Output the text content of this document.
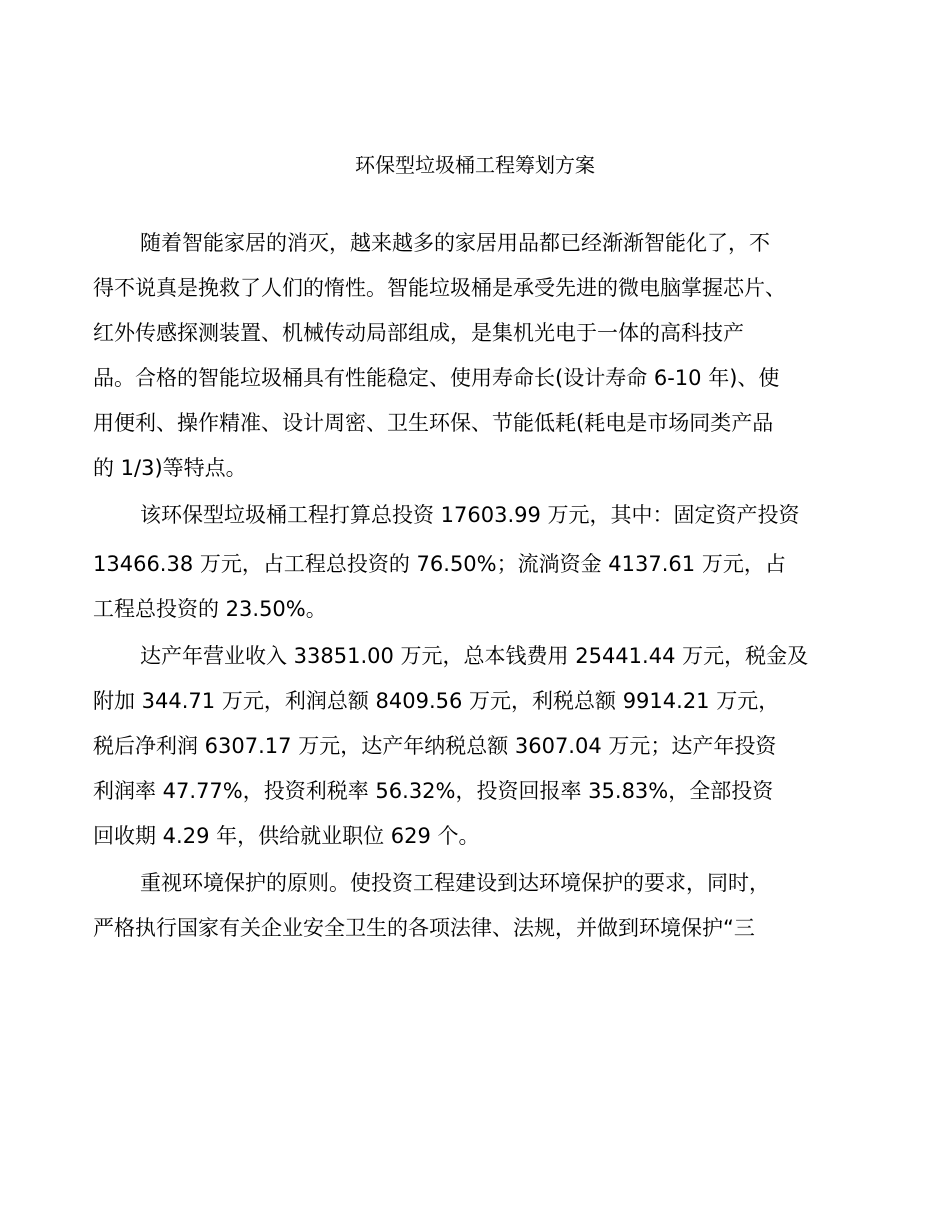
环保型垃圾桶工程筹划方案

随着智能家居的消灭，越来越多的家居用品都已经渐渐智能化了，不

得不说真是挽救了人们的惰性。智能垃圾桶是承受先进的微电脑掌握芯片、

红外传感探测装置、机械传动局部组成，是集机光电于一体的高科技产

品。合格的智能垃圾桶具有性能稳定、使用寿命长(设计寿命 6-10 年)、使

用便利、操作精准、设计周密、卫生环保、节能低耗(耗电是市场同类产品

的 1/3)等特点。

该环保型垃圾桶工程打算总投资 17603.99 万元，其中：固定资产投资

13466.38 万元，占工程总投资的 76.50%；流淌资金 4137.61 万元，占

工程总投资的 23.50%。

达产年营业收入 33851.00 万元，总本钱费用 25441.44 万元，税金及

附加 344.71 万元，利润总额 8409.56 万元，利税总额 9914.21 万元，

税后净利润 6307.17 万元，达产年纳税总额 3607.04 万元；达产年投资

利润率 47.77%，投资利税率 56.32%，投资回报率 35.83%，全部投资

回收期 4.29 年，供给就业职位 629 个。

重视环境保护的原则。使投资工程建设到达环境保护的要求，同时，

严格执行国家有关企业安全卫生的各项法律、法规，并做到环境保护“三
